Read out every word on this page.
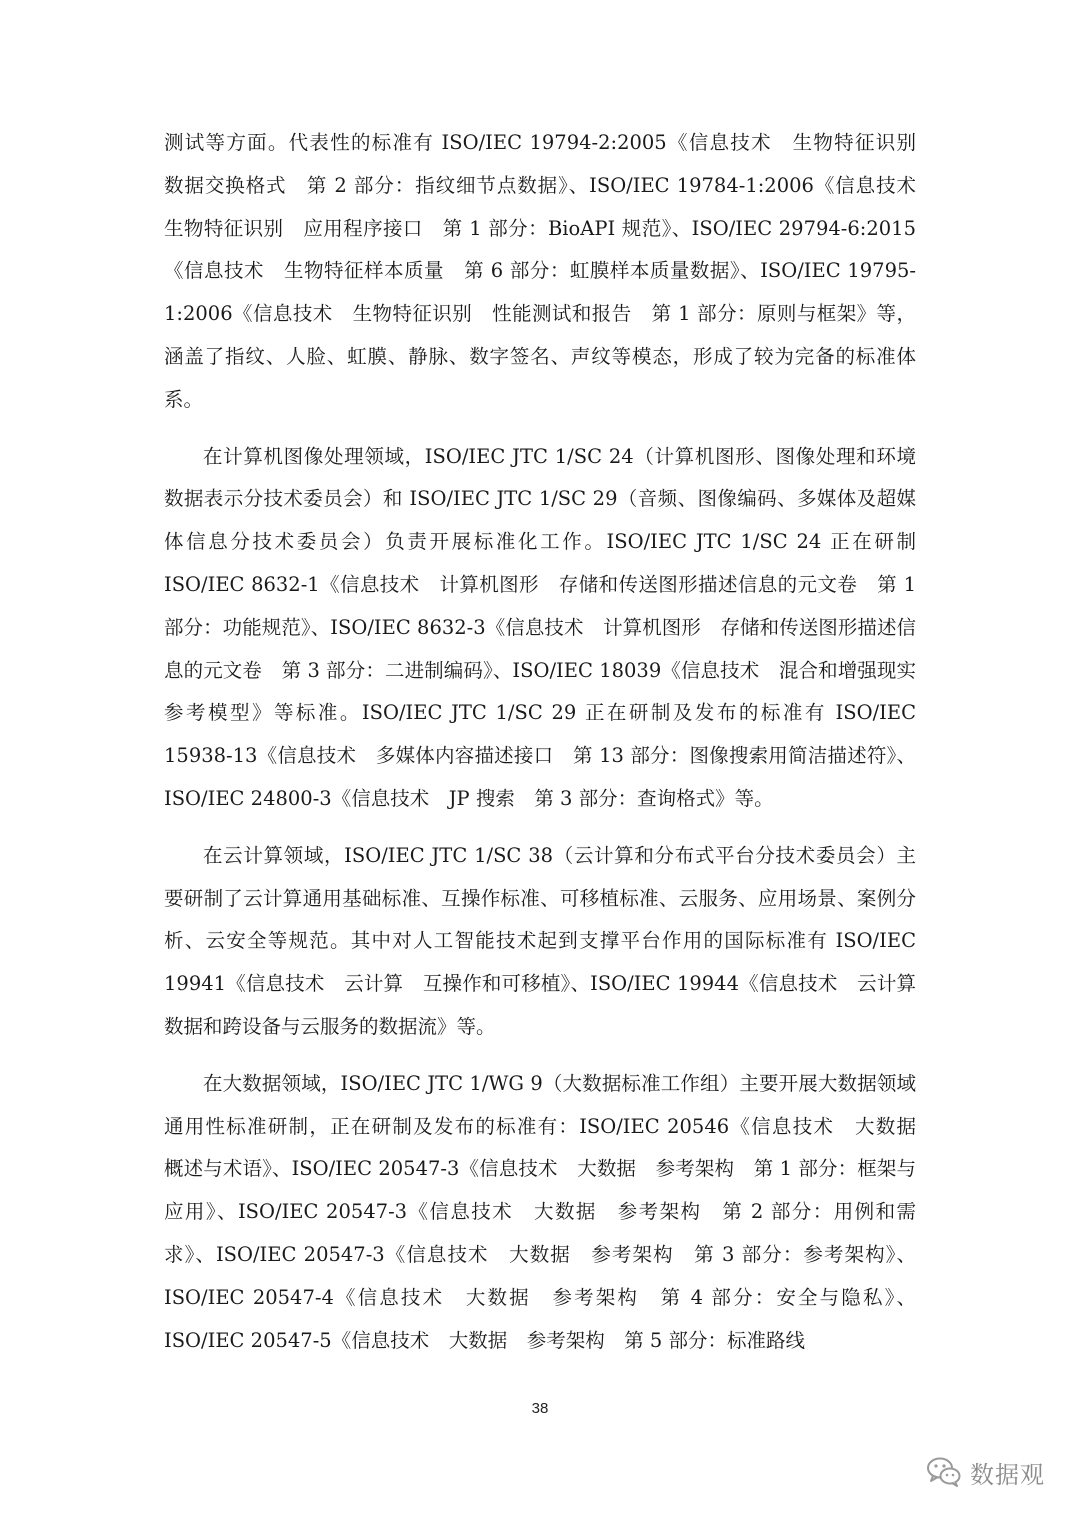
测试等方面。代表性的标准有 ISO/IEC 19794-2:2005《信息技术　生物特征识别　数据交换格式　第 2 部分：指纹细节点数据》、ISO/IEC 19784-1:2006《信息技术　生物特征识别　应用程序接口　第 1 部分：BioAPI 规范》、ISO/IEC 29794-6:2015《信息技术　生物特征样本质量　第 6 部分：虹膜样本质量数据》、ISO/IEC 19795-1:2006《信息技术　生物特征识别　性能测试和报告　第 1 部分：原则与框架》等，涵盖了指纹、人脸、虹膜、静脉、数字签名、声纹等模态，形成了较为完备的标准体系。

在计算机图像处理领域，ISO/IEC JTC 1/SC 24（计算机图形、图像处理和环境数据表示分技术委员会）和 ISO/IEC JTC 1/SC 29（音频、图像编码、多媒体及超媒体信息分技术委员会）负责开展标准化工作。ISO/IEC JTC 1/SC 24 正在研制 ISO/IEC 8632-1《信息技术　计算机图形　存储和传送图形描述信息的元文卷　第 1 部分：功能规范》、ISO/IEC 8632-3《信息技术　计算机图形　存储和传送图形描述信息的元文卷　第 3 部分：二进制编码》、ISO/IEC 18039《信息技术　混合和增强现实参考模型》等标准。ISO/IEC JTC 1/SC 29 正在研制及发布的标准有 ISO/IEC 15938-13《信息技术　多媒体内容描述接口　第 13 部分：图像搜索用简洁描述符》、ISO/IEC 24800-3《信息技术　JP 搜索　第 3 部分：查询格式》等。

在云计算领域，ISO/IEC JTC 1/SC 38（云计算和分布式平台分技术委员会）主要研制了云计算通用基础标准、互操作标准、可移植标准、云服务、应用场景、案例分析、云安全等规范。其中对人工智能技术起到支撑平台作用的国际标准有 ISO/IEC 19941《信息技术　云计算　互操作和可移植》、ISO/IEC 19944《信息技术　云计算　数据和跨设备与云服务的数据流》等。

在大数据领域，ISO/IEC JTC 1/WG 9（大数据标准工作组）主要开展大数据领域通用性标准研制，正在研制及发布的标准有：ISO/IEC 20546《信息技术　大数据　概述与术语》、ISO/IEC 20547-3《信息技术　大数据　参考架构　第 1 部分：框架与应用》、ISO/IEC 20547-3《信息技术　大数据　参考架构　第 2 部分：用例和需求》、ISO/IEC 20547-3《信息技术　大数据　参考架构　第 3 部分：参考架构》、ISO/IEC 20547-4《信息技术　大数据　参考架构　第 4 部分：安全与隐私》、ISO/IEC 20547-5《信息技术　大数据　参考架构　第 5 部分：标准路线

38
数据观
